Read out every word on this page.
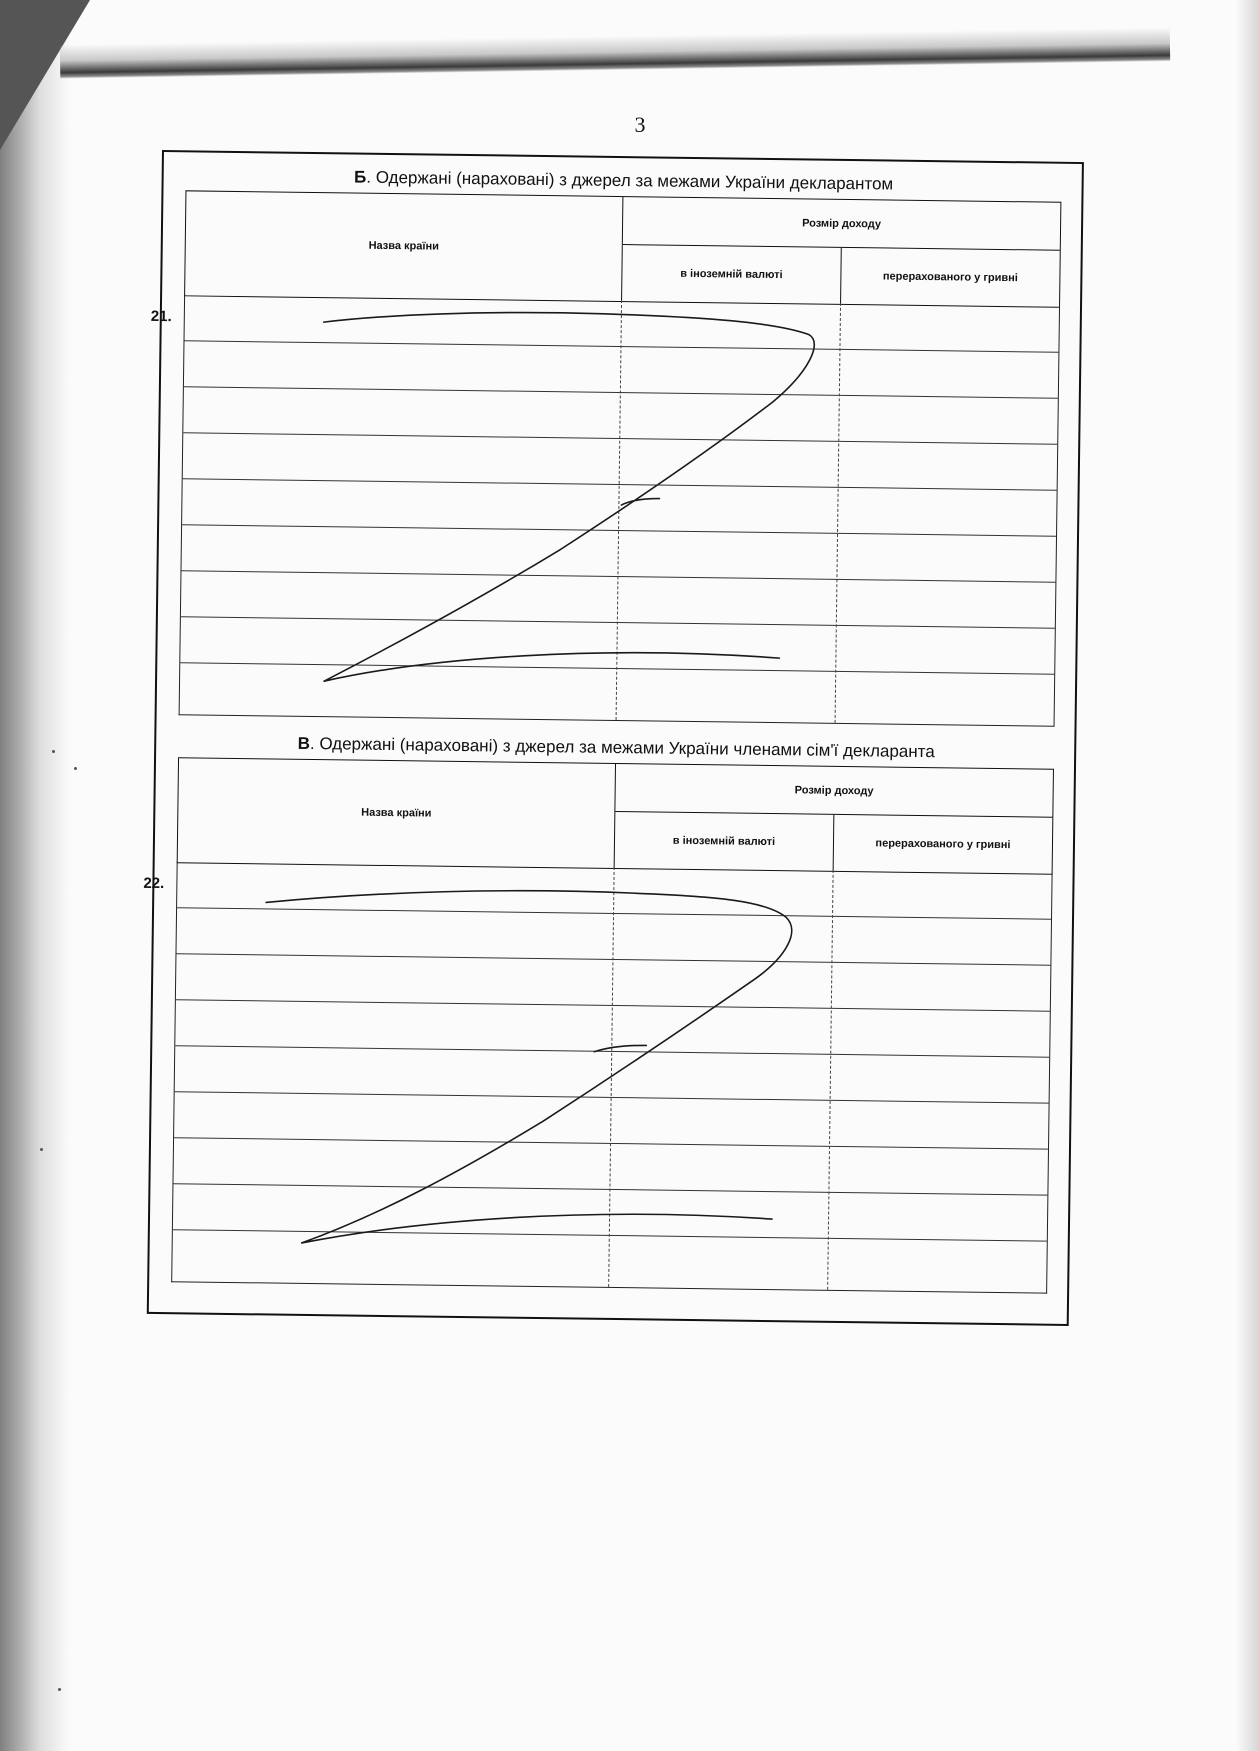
3
Б. Одержані (нараховані) з джерел за межами України декларантом
Назва країни
Розмір доходу
в іноземній валюті	перерахованого у гривні
21.
В. Одержані (нараховані) з джерел за межами України членами сім'ї декларанта
Назва країни
Розмір доходу
в іноземній валюті	перерахованого у гривні
22.
